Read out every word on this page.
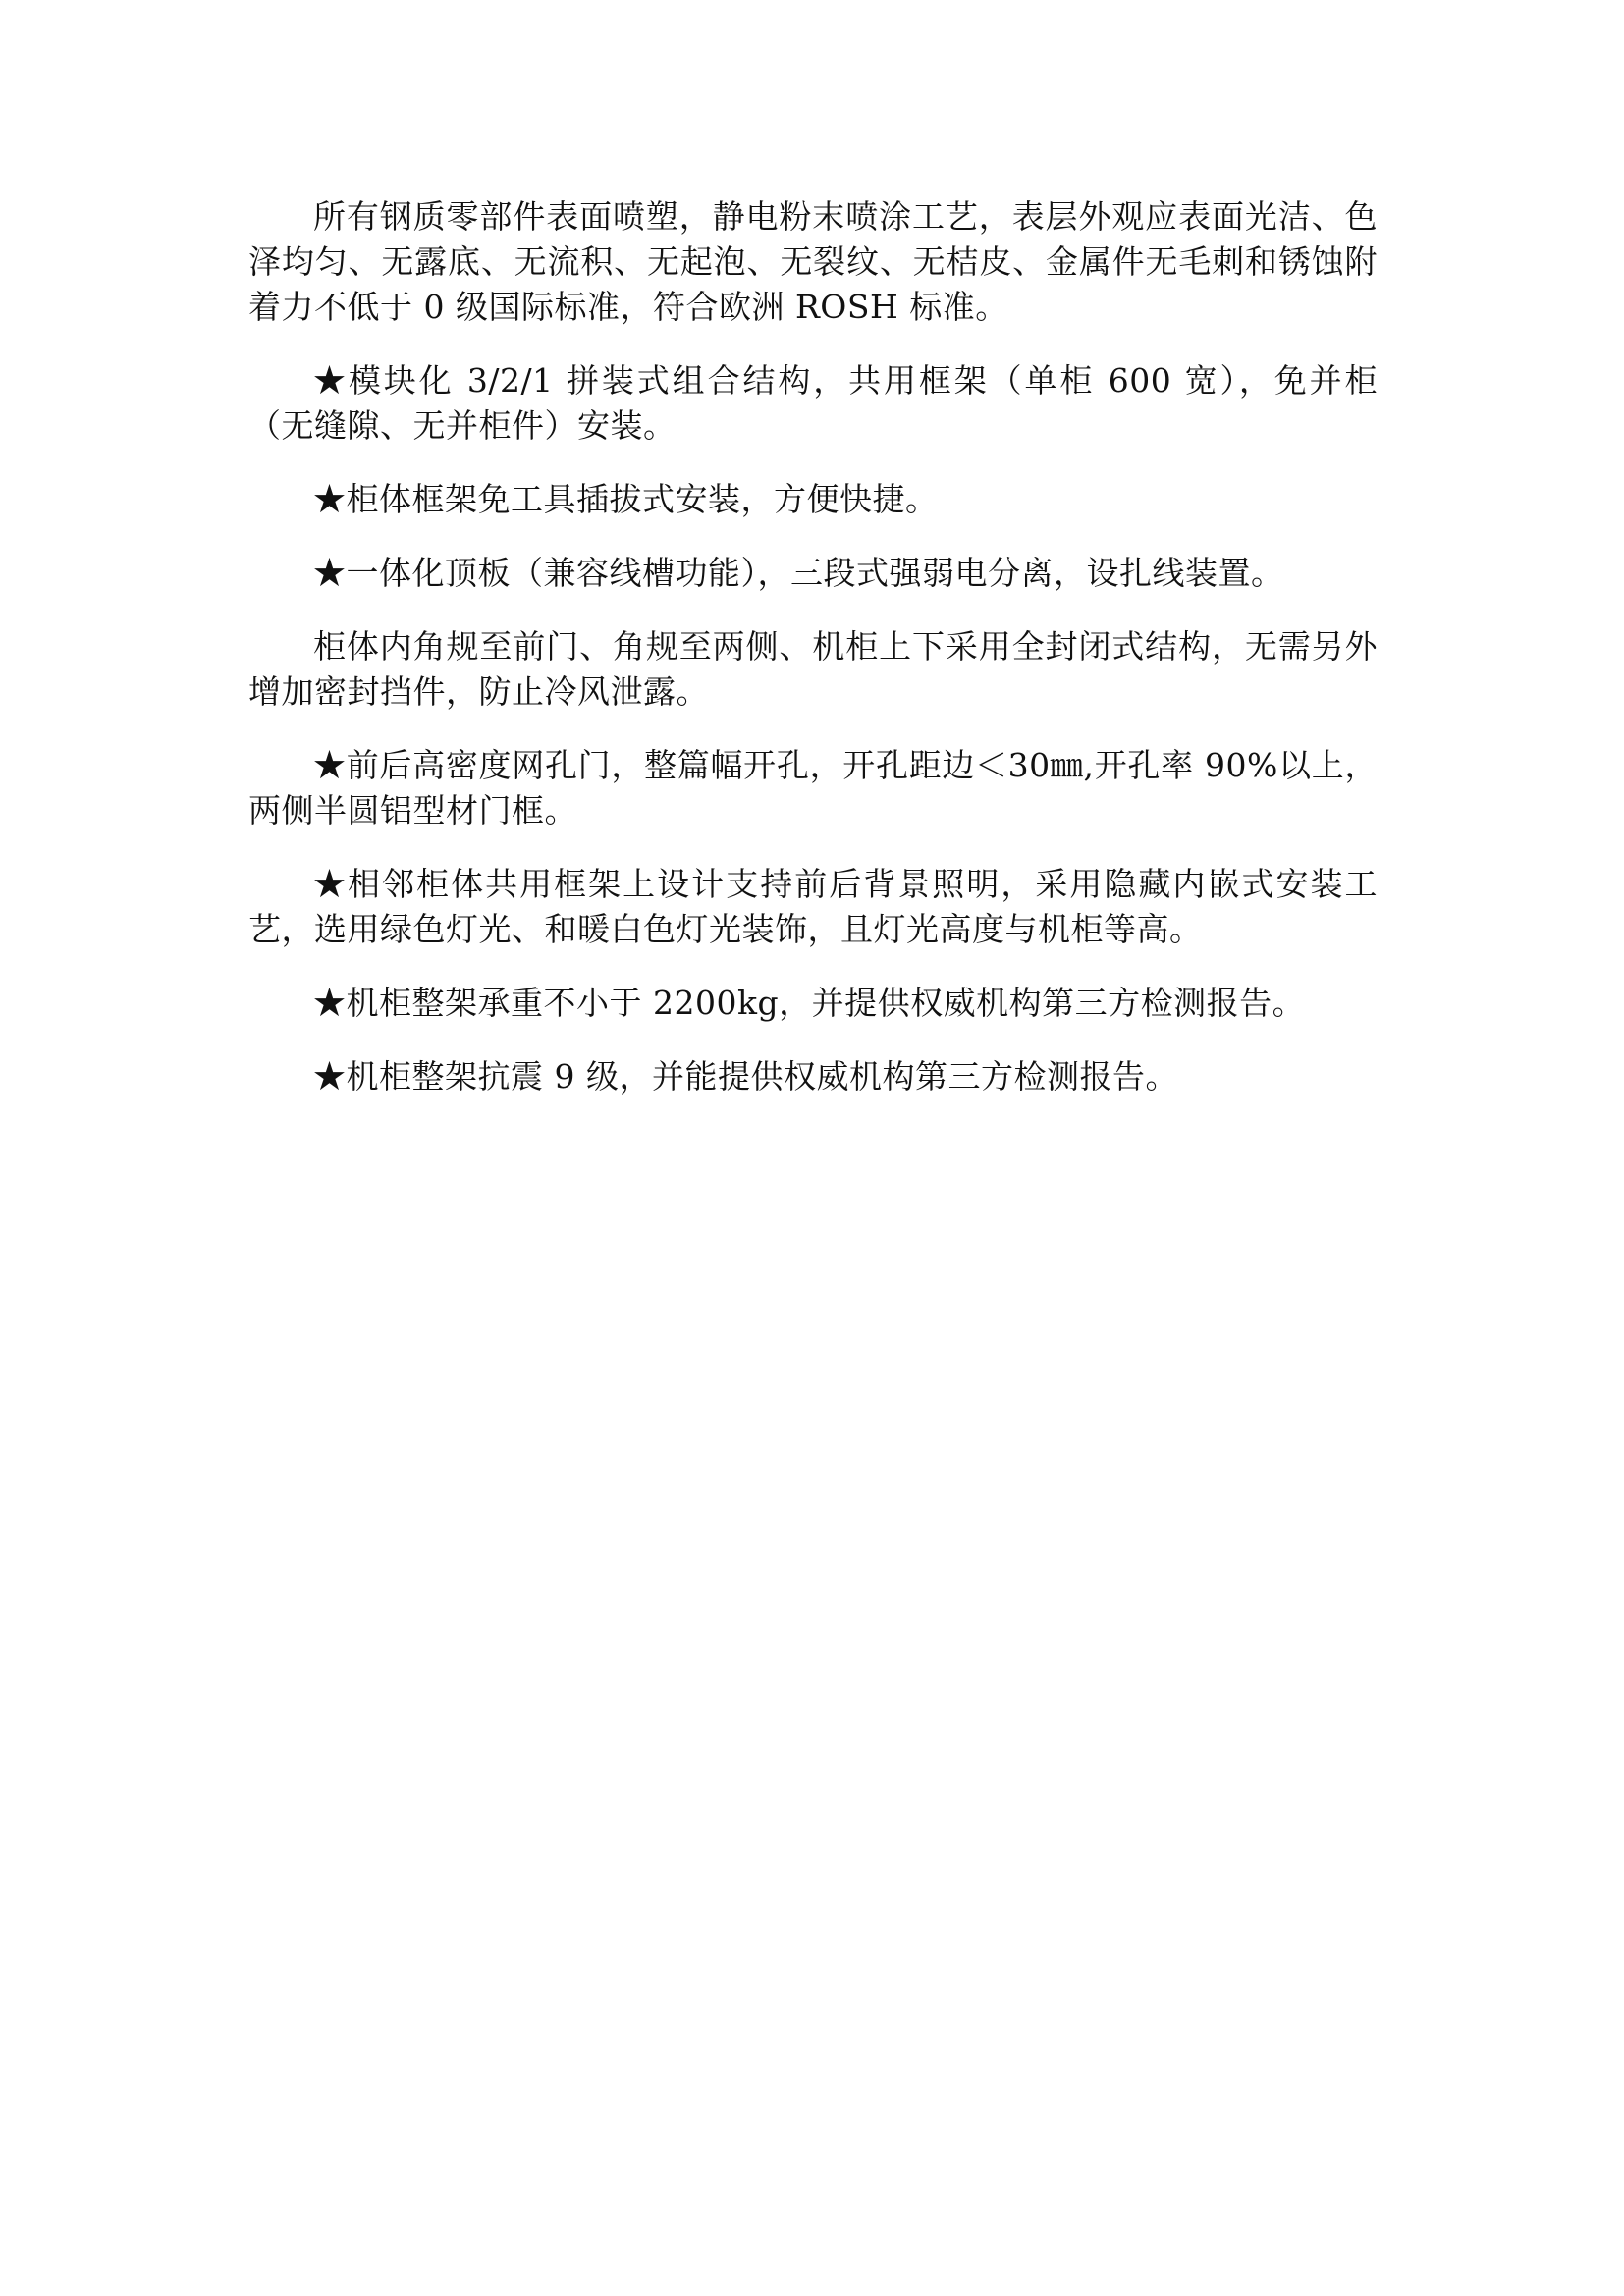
所有钢质零部件表面喷塑，静电粉末喷涂工艺，表层外观应表面光洁、色泽均匀、无露底、无流积、无起泡、无裂纹、无桔皮、金属件无毛刺和锈蚀附着力不低于 0 级国际标准，符合欧洲 ROSH 标准。

★模块化 3/2/1 拼装式组合结构，共用框架（单柜 600 宽），免并柜（无缝隙、无并柜件）安装。

★柜体框架免工具插拔式安装，方便快捷。

★一体化顶板（兼容线槽功能），三段式强弱电分离，设扎线装置。

柜体内角规至前门、角规至两侧、机柜上下采用全封闭式结构，无需另外增加密封挡件，防止冷风泄露。

★前后高密度网孔门，整篇幅开孔，开孔距边＜30㎜,开孔率 90%以上，两侧半圆铝型材门框。

★相邻柜体共用框架上设计支持前后背景照明，采用隐藏内嵌式安装工艺，选用绿色灯光、和暖白色灯光装饰，且灯光高度与机柜等高。

★机柜整架承重不小于 2200kg，并提供权威机构第三方检测报告。

★机柜整架抗震 9 级，并能提供权威机构第三方检测报告。
